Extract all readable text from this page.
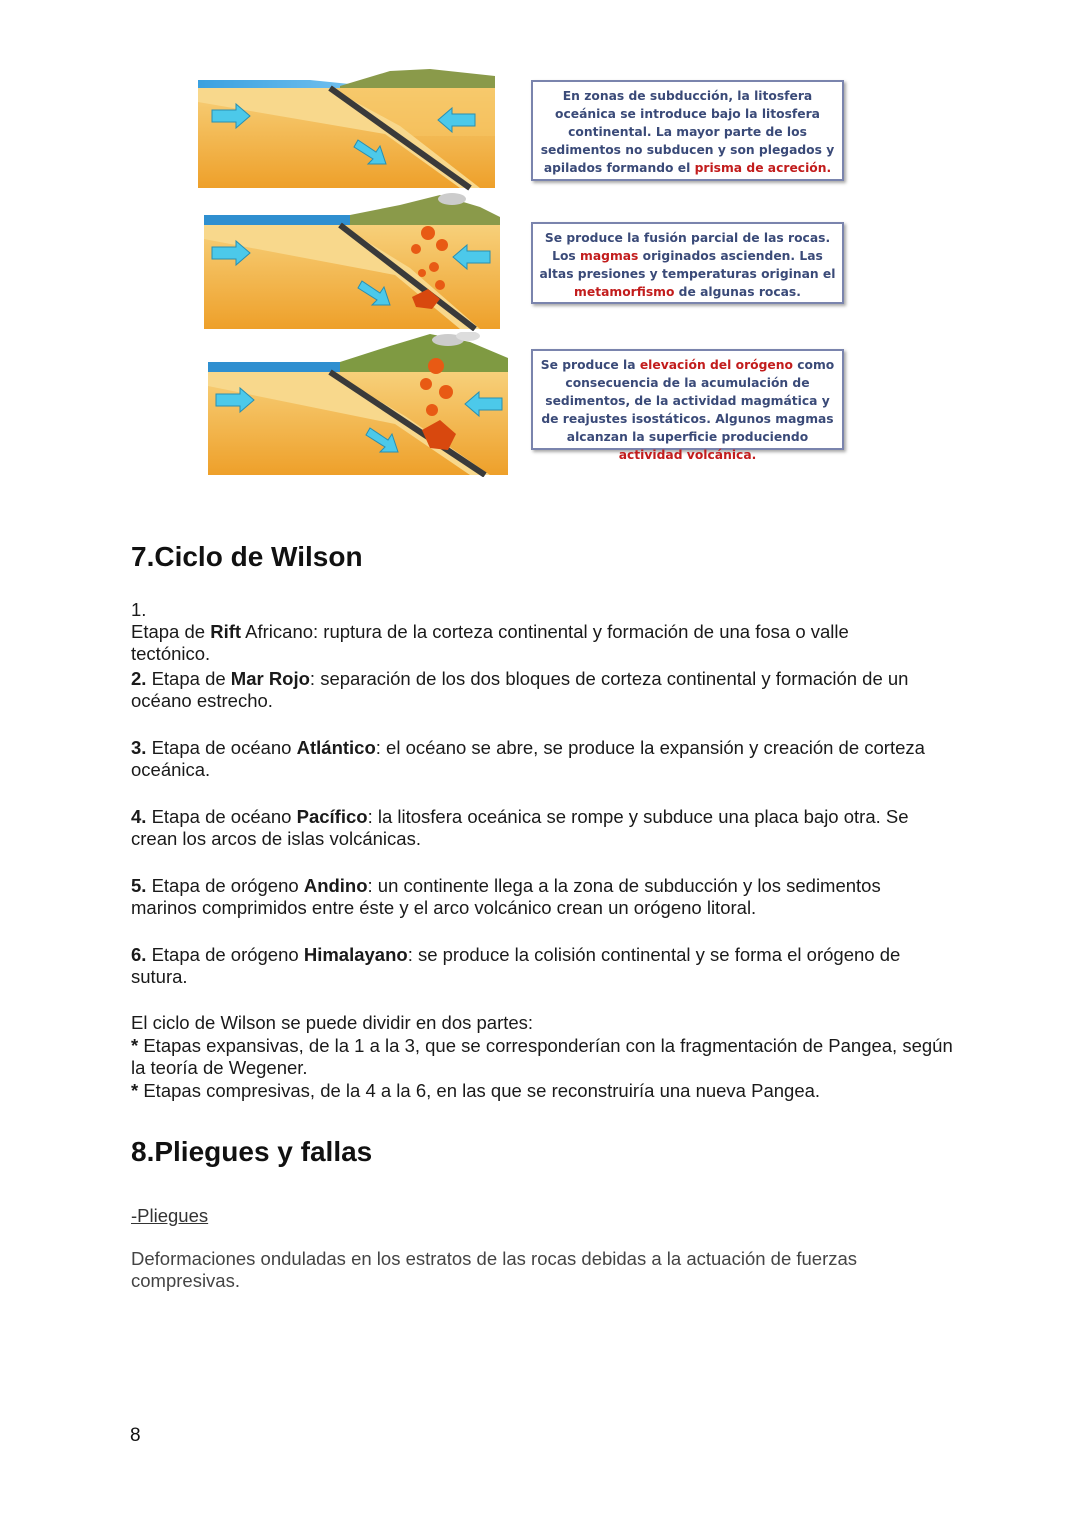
En zonas de subducción, la litosfera oceánica se introduce bajo la litosfera continental. La mayor parte de los sedimentos no subducen y son plegados y apilados formando el prisma de acreción.
Se produce la fusión parcial de las rocas. Los magmas originados ascienden. Las altas presiones y temperaturas originan el metamorfismo de algunas rocas.
Se produce la elevación del orógeno como consecuencia de la acumulación de sedimentos, de la actividad magmática y de reajustes isostáticos. Algunos magmas alcanzan la superficie produciendo actividad volcánica.
7.Ciclo de Wilson
1.Etapa de Rift Africano: ruptura de la corteza continental y formación de una fosa o valle tectónico.
2. Etapa de Mar Rojo: separación de los dos bloques de corteza continental y formación de un océano estrecho.
3. Etapa de océano Atlántico: el océano se abre, se produce la expansión y creación de corteza oceánica.
4. Etapa de océano Pacífico: la litosfera oceánica se rompe y subduce una placa bajo otra. Se crean los arcos de islas volcánicas.
5. Etapa de orógeno Andino: un continente llega a la zona de subducción y los sedimentos marinos comprimidos entre éste y el arco volcánico crean un orógeno litoral.
6. Etapa de orógeno Himalayano: se produce la colisión continental y se forma el orógeno de sutura.
El ciclo de Wilson se puede dividir en dos partes:
* Etapas expansivas, de la 1 a la 3, que se corresponderían con la fragmentación de Pangea, según la teoría de Wegener.
* Etapas compresivas, de la 4 a la 6, en las que se reconstruiría una nueva Pangea.
8.Pliegues y fallas
-Pliegues
Deformaciones onduladas en los estratos de las rocas debidas a la actuación de fuerzas compresivas.
8
